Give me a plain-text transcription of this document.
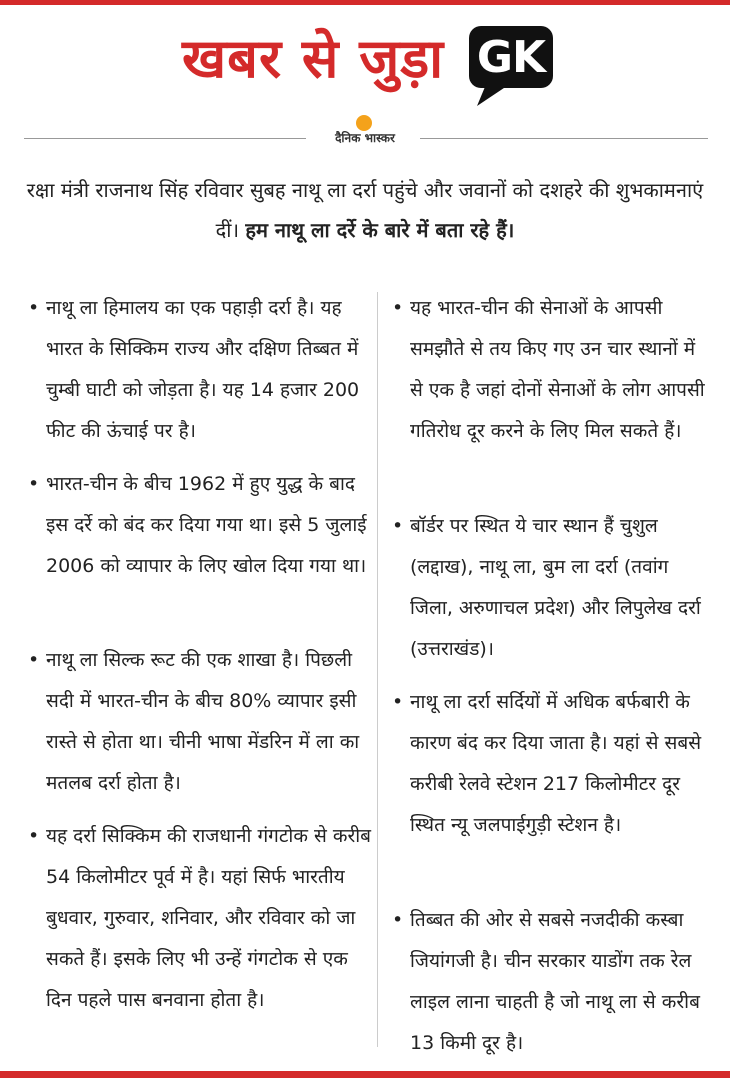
खबर से जुड़ा GK
दैनिक भास्कर
रक्षा मंत्री राजनाथ सिंह रविवार सुबह नाथू ला दर्रा पहुंचे और जवानों को दशहरे की शुभकामनाएं दीं। हम नाथू ला दर्रे के बारे में बता रहे हैं।
• नाथू ला हिमालय का एक पहाड़ी दर्रा है। यह भारत के सिक्किम राज्य और दक्षिण तिब्बत में चुम्बी घाटी को जोड़ता है। यह 14 हजार 200 फीट की ऊंचाई पर है।
• भारत-चीन के बीच 1962 में हुए युद्ध के बाद इस दर्रे को बंद कर दिया गया था। इसे 5 जुलाई 2006 को व्यापार के लिए खोल दिया गया था।
• नाथू ला सिल्क रूट की एक शाखा है। पिछली सदी में भारत-चीन के बीच 80% व्यापार इसी रास्ते से होता था। चीनी भाषा मेंडरिन में ला का मतलब दर्रा होता है।
• यह दर्रा सिक्किम की राजधानी गंगटोक से करीब 54 किलोमीटर पूर्व में है। यहां सिर्फ भारतीय बुधवार, गुरुवार, शनिवार, और रविवार को जा सकते हैं। इसके लिए भी उन्हें गंगटोक से एक दिन पहले पास बनवाना होता है।
• यह भारत-चीन की सेनाओं के आपसी समझौते से तय किए गए उन चार स्थानों में से एक है जहां दोनों सेनाओं के लोग आपसी गतिरोध दूर करने के लिए मिल सकते हैं।
• बॉर्डर पर स्थित ये चार स्थान हैं चुशुल (लद्दाख), नाथू ला, बुम ला दर्रा (तवांग जिला, अरुणाचल प्रदेश) और लिपुलेख दर्रा (उत्तराखंड)।
• नाथू ला दर्रा सर्दियों में अधिक बर्फबारी के कारण बंद कर दिया जाता है। यहां से सबसे करीबी रेलवे स्टेशन 217 किलोमीटर दूर स्थित न्यू जलपाईगुड़ी स्टेशन है।
• तिब्बत की ओर से सबसे नजदीकी कस्बा जियांगजी है। चीन सरकार याडोंग तक रेल लाइल लाना चाहती है जो नाथू ला से करीब 13 किमी दूर है।
